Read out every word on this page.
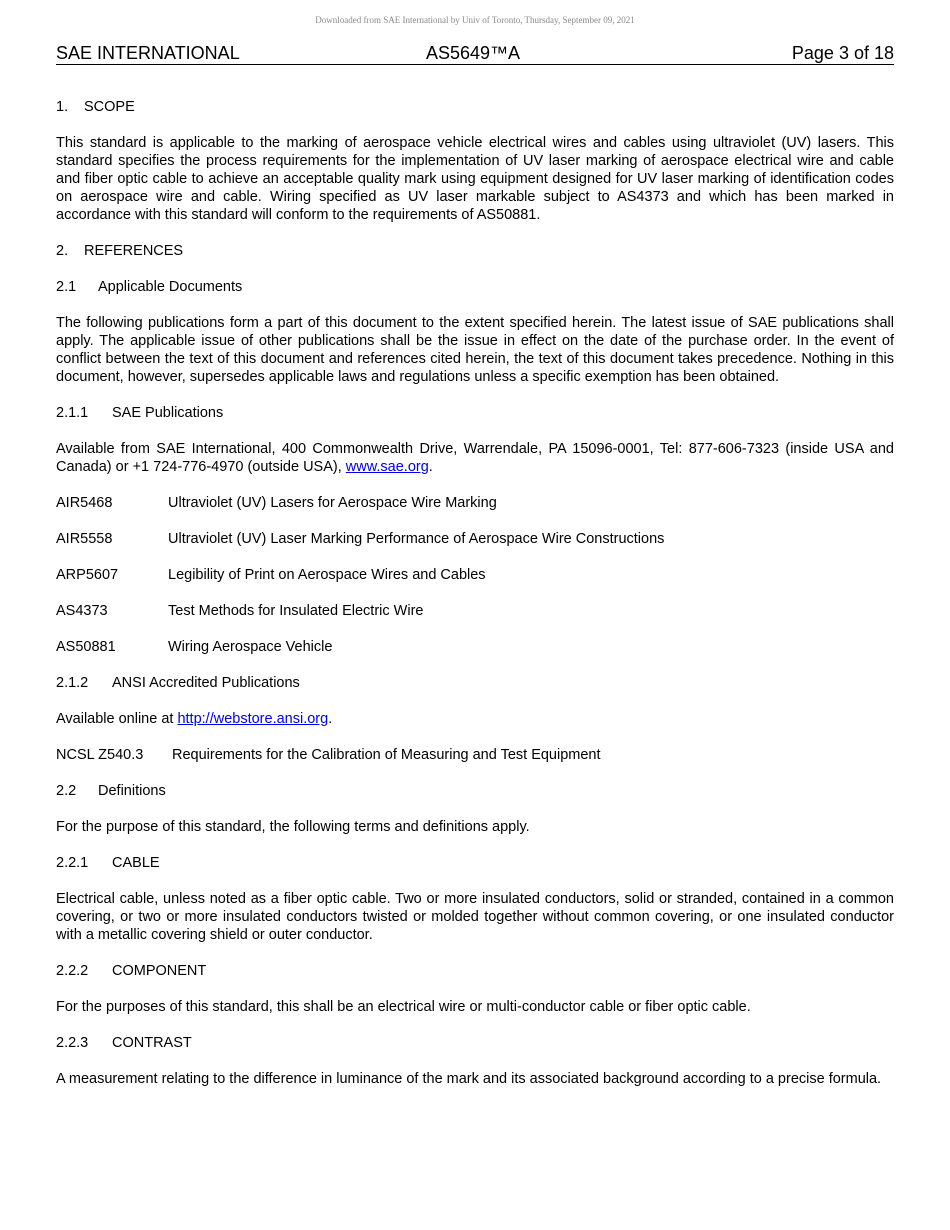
Downloaded from SAE International by Univ of Toronto, Thursday, September 09, 2021

SAE INTERNATIONAL	AS5649™A	Page 3 of 18

1. SCOPE

This standard is applicable to the marking of aerospace vehicle electrical wires and cables using ultraviolet (UV) lasers. This standard specifies the process requirements for the implementation of UV laser marking of aerospace electrical wire and cable and fiber optic cable to achieve an acceptable quality mark using equipment designed for UV laser marking of identification codes on aerospace wire and cable. Wiring specified as UV laser markable subject to AS4373 and which has been marked in accordance with this standard will conform to the requirements of AS50881.

2. REFERENCES

2.1 Applicable Documents

The following publications form a part of this document to the extent specified herein. The latest issue of SAE publications shall apply. The applicable issue of other publications shall be the issue in effect on the date of the purchase order. In the event of conflict between the text of this document and references cited herein, the text of this document takes precedence. Nothing in this document, however, supersedes applicable laws and regulations unless a specific exemption has been obtained.

2.1.1 SAE Publications

Available from SAE International, 400 Commonwealth Drive, Warrendale, PA 15096-0001, Tel: 877-606-7323 (inside USA and Canada) or +1 724-776-4970 (outside USA), www.sae.org.

AIR5468	Ultraviolet (UV) Lasers for Aerospace Wire Marking

AIR5558	Ultraviolet (UV) Laser Marking Performance of Aerospace Wire Constructions

ARP5607	Legibility of Print on Aerospace Wires and Cables

AS4373	Test Methods for Insulated Electric Wire

AS50881	Wiring Aerospace Vehicle

2.1.2 ANSI Accredited Publications

Available online at http://webstore.ansi.org.

NCSL Z540.3 Requirements for the Calibration of Measuring and Test Equipment

2.2 Definitions

For the purpose of this standard, the following terms and definitions apply.

2.2.1 CABLE

Electrical cable, unless noted as a fiber optic cable. Two or more insulated conductors, solid or stranded, contained in a common covering, or two or more insulated conductors twisted or molded together without common covering, or one insulated conductor with a metallic covering shield or outer conductor.

2.2.2 COMPONENT

For the purposes of this standard, this shall be an electrical wire or multi-conductor cable or fiber optic cable.

2.2.3 CONTRAST

A measurement relating to the difference in luminance of the mark and its associated background according to a precise formula.
